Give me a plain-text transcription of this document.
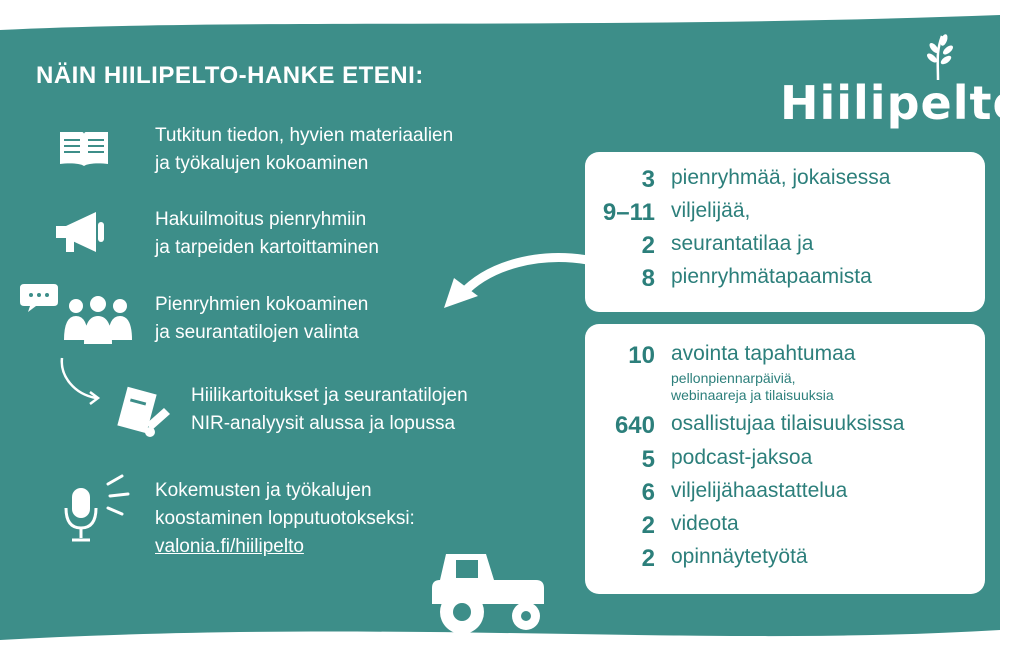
NÄIN HIILIPELTO-HANKE ETENI:
Hiilipelto
Tutkitun tiedon, hyvien materiaalien
ja työkalujen kokoaminen
Hakuilmoitus pienryhmiin
ja tarpeiden kartoittaminen
Pienryhmien kokoaminen
ja seurantatilojen valinta
Hiilikartoitukset ja seurantatilojen
NIR-analyysit alussa ja lopussa
Kokemusten ja työkalujen
koostaminen lopputuotokseksi:
valonia.fi/hiilipelto
3 pienryhmää, jokaisessa
9–11 viljelijää,
2 seurantatilaa ja
8 pienryhmätapaamista
10 avointa tapahtumaa
pellonpiennarpäiviä,
webinaareja ja tilaisuuksia
640 osallistujaa tilaisuuksissa
5 podcast-jaksoa
6 viljelijähaastattelua
2 videota
2 opinnäytetyötä
